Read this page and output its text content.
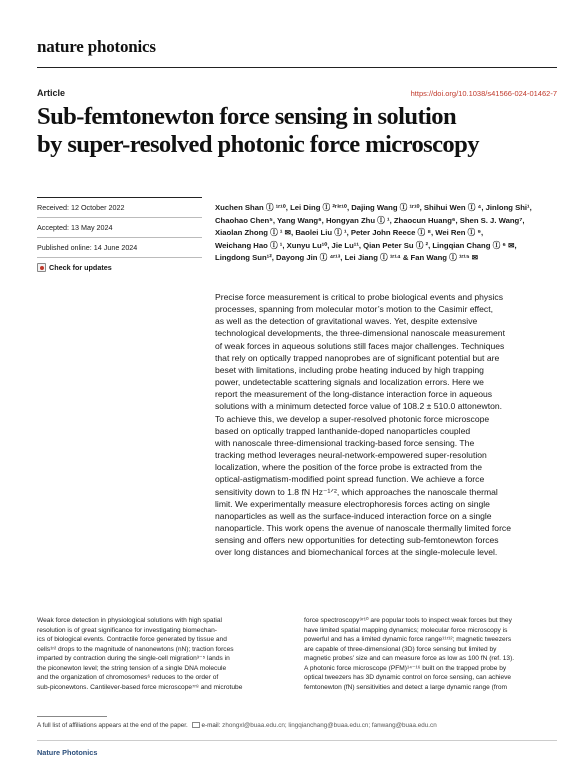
nature photonics
Article	https://doi.org/10.1038/s41566-024-01462-7
Sub-femtonewton force sensing in solution
by super-resolved photonic force microscopy
Received: 12 October 2022
Accepted: 13 May 2024
Published online: 14 June 2024
Check for updates
Xuchen Shan Ⓘ ¹ʳ¹⁰, Lei Ding Ⓘ ²ʳ³ʳ¹⁰, Dajing Wang Ⓘ ¹ʳ¹⁰, Shihui Wen Ⓘ ⁴, Jinlong Shi¹,
Chaohao Chen⁵, Yang Wang⁶, Hongyan Zhu Ⓘ ¹, Zhaocun Huang⁶, Shen S. J. Wang⁷,
Xiaolan Zhong Ⓘ ¹ ✉, Baolei Liu Ⓘ ¹, Peter John Reece Ⓘ ⁸, Wei Ren Ⓘ ⁹,
Weichang Hao Ⓘ ¹, Xunyu Lu¹⁰, Jie Lu¹¹, Qian Peter Su Ⓘ ², Lingqian Chang Ⓘ ⁶ ✉,
Lingdong Sun¹², Dayong Jin Ⓘ ⁴ʳ¹³, Lei Jiang Ⓘ ¹ʳ¹⁴ & Fan Wang Ⓘ ¹ʳ¹⁵ ✉
Precise force measurement is critical to probe biological events and physics
processes, spanning from molecular motor’s motion to the Casimir effect,
as well as the detection of gravitational waves. Yet, despite extensive
technological developments, the three-dimensional nanoscale measurement
of weak forces in aqueous solutions still faces major challenges. Techniques
that rely on optically trapped nanoprobes are of significant potential but are
beset with limitations, including probe heating induced by high trapping
power, undetectable scattering signals and localization errors. Here we
report the measurement of the long-distance interaction force in aqueous
solutions with a minimum detected force value of 108.2 ± 510.0 attonewton.
To achieve this, we develop a super-resolved photonic force microscope
based on optically trapped lanthanide-doped nanoparticles coupled
with nanoscale three-dimensional tracking-based force sensing. The
tracking method leverages neural-network-empowered super-resolution
localization, where the position of the force probe is extracted from the
optical-astigmatism-modified point spread function. We achieve a force
sensitivity down to 1.8 fN Hz⁻¹ᐟ², which approaches the nanoscale thermal
limit. We experimentally measure electrophoresis forces acting on single
nanoparticles as well as the surface-induced interaction force on a single
nanoparticle. This work opens the avenue of nanoscale thermally limited force
sensing and offers new opportunities for detecting sub-femtonewton forces
over long distances and biomechanical forces at the single-molecule level.
Weak force detection in physiological solutions with high spatial
resolution is of great significance for investigating biomechan-
ics of biological events. Contractile force generated by tissue and
cells¹ʳ² drops to the magnitude of nanonewtons (nN); traction forces
imparted by contraction during the single-cell migration³⁻⁵ lands in
the piconewton level; the string tension of a single DNA molecule
and the organization of chromosomes⁶ reduces to the order of
sub-piconewtons. Cantilever-based force microscope⁷ʳ⁸ and microtube
force spectroscopy⁹ʳ¹⁰ are popular tools to inspect weak forces but they
have limited spatial mapping dynamics; molecular force microscopy is
powerful and has a limited dynamic force range¹¹ʳ¹²; magnetic tweezers
are capable of three-dimensional (3D) force sensing but limited by
magnetic probes’ size and can measure force as low as 100 fN (ref. 13).
A photonic force microscope (PFM)¹⁴⁻¹⁶ built on the trapped probe by
optical tweezers has 3D dynamic control on force sensing, can achieve
femtonewton (fN) sensitivities and detect a large dynamic range (from
A full list of affiliations appears at the end of the paper. e-mail: zhongxl@buaa.edu.cn; lingqianchang@buaa.edu.cn; fanwang@buaa.edu.cn
Nature Photonics
